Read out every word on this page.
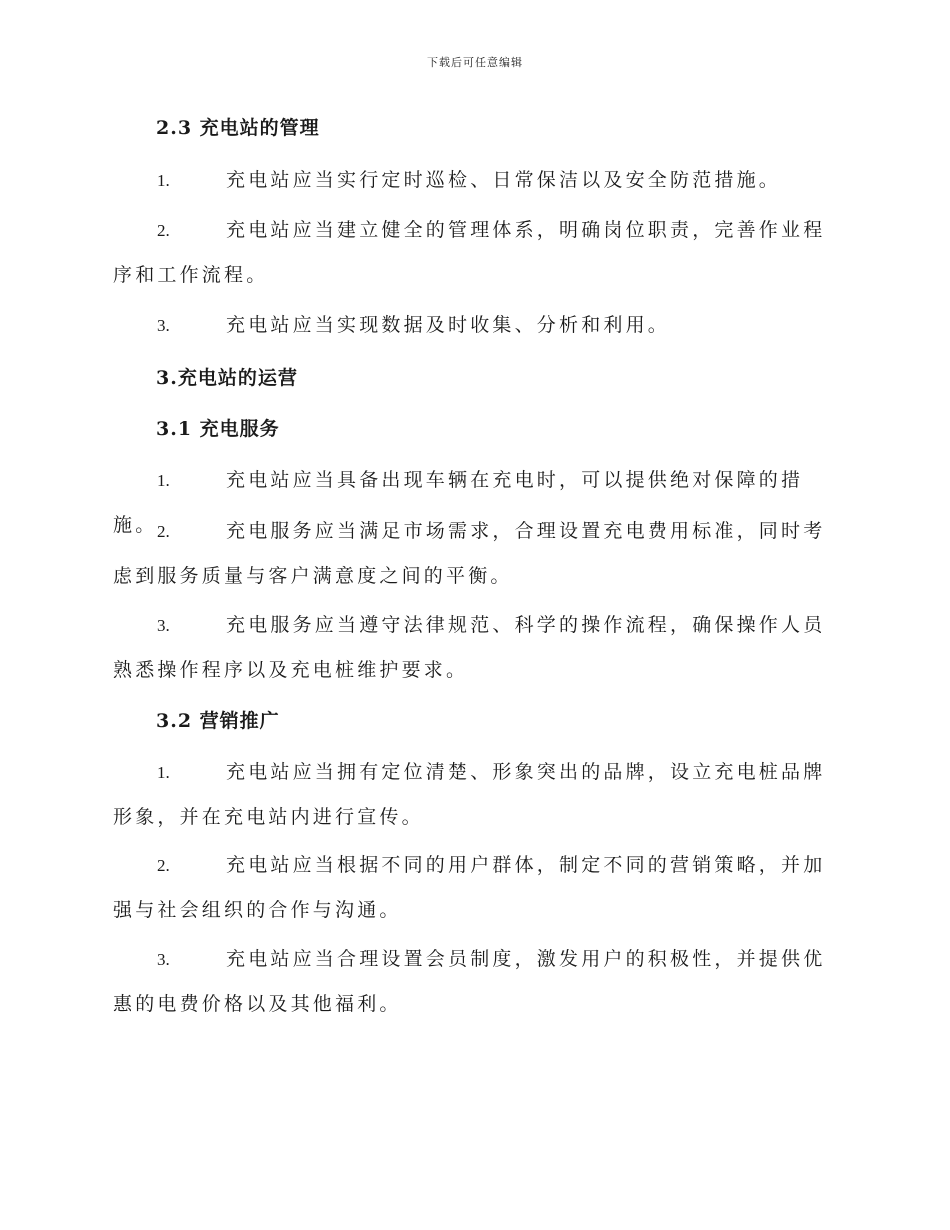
下载后可任意编辑
2.3 充电站的管理
1.	充电站应当实行定时巡检、日常保洁以及安全防范措施。
2.	充电站应当建立健全的管理体系，明确岗位职责，完善作业程序和工作流程。
3.	充电站应当实现数据及时收集、分析和利用。
3.充电站的运营
3.1 充电服务
1.	充电站应当具备出现车辆在充电时，可以提供绝对保障的措施。 2.	充电服务应当满足市场需求，合理设置充电费用标准，同时考虑到服务质量与客户满意度之间的平衡。
3.	充电服务应当遵守法律规范、科学的操作流程，确保操作人员熟悉操作程序以及充电桩维护要求。
3.2 营销推广
1.	充电站应当拥有定位清楚、形象突出的品牌，设立充电桩品牌形象，并在充电站内进行宣传。
2.	充电站应当根据不同的用户群体，制定不同的营销策略，并加强与社会组织的合作与沟通。
3.	充电站应当合理设置会员制度，激发用户的积极性，并提供优惠的电费价格以及其他福利。
